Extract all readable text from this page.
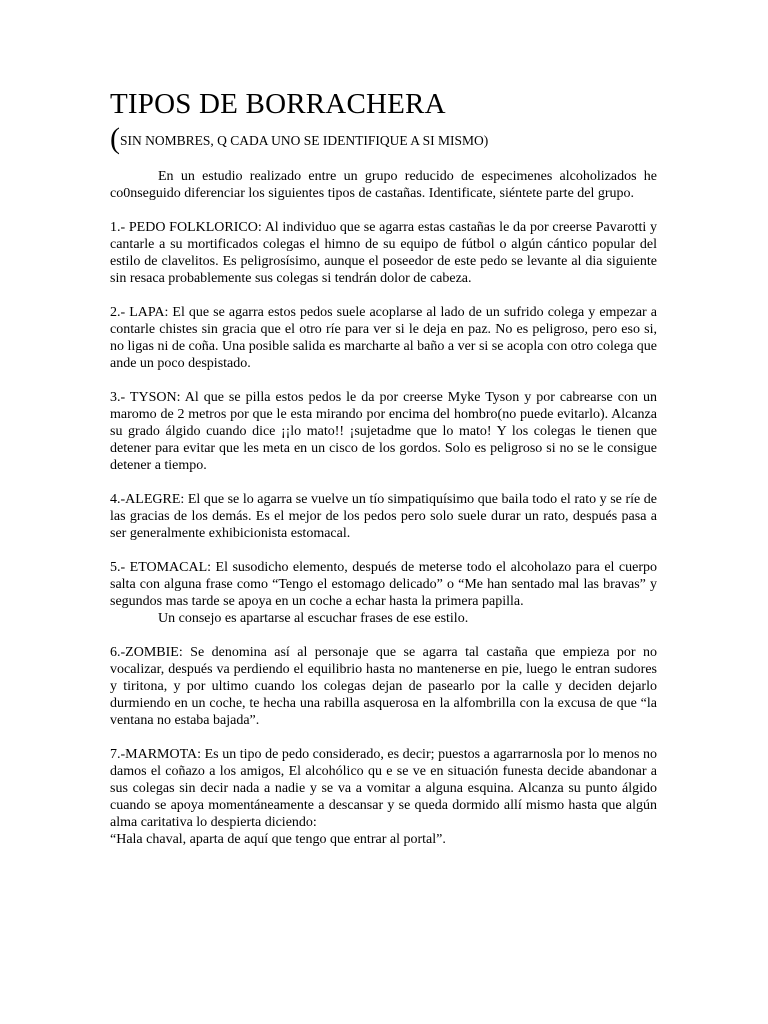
TIPOS DE BORRACHERA
(SIN NOMBRES, Q CADA UNO SE IDENTIFIQUE A SI MISMO)

En un estudio realizado entre un grupo reducido de especimenes alcoholizados he co0nseguido diferenciar los siguientes tipos de castañas. Identificate, siéntete parte del grupo.

1.- PEDO FOLKLORICO: Al individuo que se agarra estas castañas le da por creerse Pavarotti y cantarle a su mortificados colegas el himno de su equipo de fútbol o algún cántico popular del estilo de clavelitos. Es peligrosísimo, aunque el poseedor de este pedo se levante al dia siguiente sin resaca probablemente sus colegas si tendrán dolor de cabeza.

2.- LAPA: El que se agarra estos pedos suele acoplarse al lado de un sufrido colega y empezar a contarle chistes sin gracia que el otro ríe para ver si le deja en paz. No es peligroso, pero eso si, no ligas ni de coña. Una posible salida es marcharte al baño a ver si se acopla con otro colega que ande un poco despistado.

3.- TYSON: Al que se pilla estos pedos le da por creerse Myke Tyson y por cabrearse con un maromo de 2 metros por que le esta mirando por encima del hombro(no puede evitarlo). Alcanza su grado álgido cuando dice ¡¡lo mato!! ¡sujetadme que lo mato! Y los colegas le tienen que detener para evitar que les meta en un cisco de los gordos. Solo es peligroso si no se le consigue detener a tiempo.

4.-ALEGRE: El que se lo agarra se vuelve un tío simpatiquísimo que baila todo el rato y se ríe de las gracias de los demás. Es el mejor de los pedos pero solo suele durar un rato, después pasa a ser generalmente exhibicionista estomacal.

5.- ETOMACAL: El susodicho elemento, después de meterse todo el alcoholazo para el cuerpo salta con alguna frase como “Tengo el estomago delicado” o “Me han sentado mal las bravas” y segundos mas tarde se apoya en un coche a echar hasta la primera papilla.

Un consejo es apartarse al escuchar frases de ese estilo.

6.-ZOMBIE: Se denomina así al personaje que se agarra tal castaña que empieza por no vocalizar, después va perdiendo el equilibrio hasta no mantenerse en pie, luego le entran sudores y tiritona, y por ultimo cuando los colegas dejan de pasearlo por la calle y deciden dejarlo durmiendo en un coche, te hecha una rabilla asquerosa en la alfombrilla con la excusa de que “la ventana no estaba bajada”.

7.-MARMOTA: Es un tipo de pedo considerado, es decir; puestos a agarrarnosla por lo menos no damos el coñazo a los amigos, El alcohólico qu e se ve en situación funesta decide abandonar a sus colegas sin decir nada a nadie y se va a vomitar a alguna esquina. Alcanza su punto álgido cuando se apoya momentáneamente a descansar y se queda dormido allí mismo hasta que algún alma caritativa lo despierta diciendo:

“Hala chaval, aparta de aquí que tengo que entrar al portal”.
